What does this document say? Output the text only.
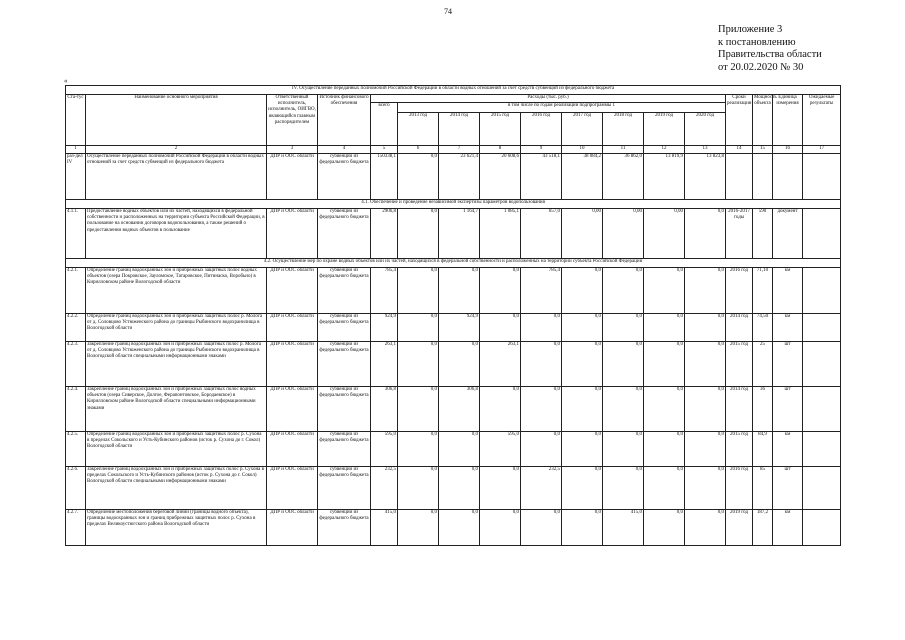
74
Приложение 3
к постановлению
Правительства области
от 20.02.2020 № 30
«
IV. Осуществление переданных полномочий Российской Федерации в области водных отношений за счет средств субвенций из федерального бюджета																
Ста-тус	Наименование основного мероприятия	Ответственный исполнитель, исполнитель, ОИГВО, являющийся главным распорядителем	Источник финансового обеспечения	Расходы (тыс. руб.)									Сроки реализации	Мощность объекта	Единица измерения	Ожидаемые результаты
				всего	в том числе по годам реализации подпрограммы 1											
					2013 год	2014 год	2015 год	2016 год	2017 год	2018 год	2019 год	2020 год				
1	2	3	4	5	6	7	8	9	10	11	12	13	14	15	16	17
раз-дел IV	Осуществление переданных полномочий Российской Федерации в области водных отношений за счет средств субвенций из федерального бюджета	ДПР и ООС области	субвенции из федерального бюджета	150338,1	0,0	23 621,4	20 608,6	43 518,1	38 084,2	36 862,0	13 819,9	13 823,8				
4.1. Обеспечение и проведение независимой экспертизы параметров водопользования																
4.1.1.	Предоставление водных объектов или их частей, находящихся в федеральной собственности и расположенных на территории субъекта Российской Федерации, в пользование на основании договоров водопользования, а также решений о предоставлении водных объектов в пользование	ДПР и ООС области	субвенции из федерального бюджета	2906,8	0,0	1 164,7	1 085,1	657,0	0,00	0,00	0,00	0,0	2016-2017 годы	590	документ	
4.2. Осуществление мер по охране водных объектов или их частей, находящихся в федеральной собственности и расположенных на территории субъекта Российской Федерации																
4.2.1.	Определение границ водоохранных зон и прибрежных защитных полос водных объектов (озера Покровское, Зауломское, Татаровское, Питинаско, Воробьно) в Кирилловском районе Вологодской области	ДПР и ООС области	субвенции из федерального бюджета	785,4	0,0	0,0	0,0	785,4	0,0	0,0	0,0	0,0	2016 год	71,10	км	
4.2.2.	Определение границ водоохранных зон и прибрежных защитных полос р. Молога от д. Соловцово Устюженского района до границы Рыбинского водохранилища в Вологодской области	ДПР и ООС области	субвенции из федерального бюджета	924,9	0,0	924,9	0,0	0,0	0,0	0,0	0,0	0,0	2014 год	74,50	км	
4.2.3.	Закрепление границ водоохранных зон и прибрежных защитных полос р. Молога от д. Соловцово Устюженского района до границы Рыбинского водохранилища в Вологодской области специальными информационными знаками	ДПР и ООС области	субвенции из федерального бюджета	263,1	0,0	0,0	263,1	0,0	0,0	0,0	0,0	0,0	2015 год	25	шт	
4.2.4.	Закрепление границ водоохранных зон и прибрежных защитных полос водных объектов (озера Сиверское, Долгое, Ферапонтовское, Бородаевское) в Кирилловском районе Вологодской области специальными информационными знаками	ДПР и ООС области	субвенции из федерального бюджета	306,8	0,0	306,8	0,0	0,0	0,0	0,0	0,0	0,0	2014 год	36	шт	
4.2.5.	Определение границ водоохранных зон и прибрежных защитных полос р. Сухона в пределах Сокольского и Усть-Кубинского районов (исток р. Сухона до г. Сокол) Вологодской области	ДПР и ООС области	субвенции из федерального бюджета	595,0	0,0	0,0	595,0	0,0	0,0	0,0	0,0	0,0	2015 год	84,9	км	
4.2.6.	Закрепление границ водоохранных зон и прибрежных защитных полос р. Сухона в пределах Сокольского и Усть-Кубинского районов (исток р. Сухона до г. Сокол) Вологодской области специальными информационными знаками	ДПР и ООС области	субвенции из федерального бюджета	232,5	0,0	0,0	0,0	232,5	0,0	0,0	0,0	0,0	2016 год	85	шт	
4.2.7.	Определение местоположения береговой линии (границы водного объекта), границы водоохранных зон и границ прибрежных защитных полос р. Сухона в пределах Великоустюгского района Вологодской области	ДПР и ООС области	субвенции из федерального бюджета	415,0	0,0	0,0	0,0	0,0	0,0	415,0	0,0	0,0	2019 год	187,2	км	
